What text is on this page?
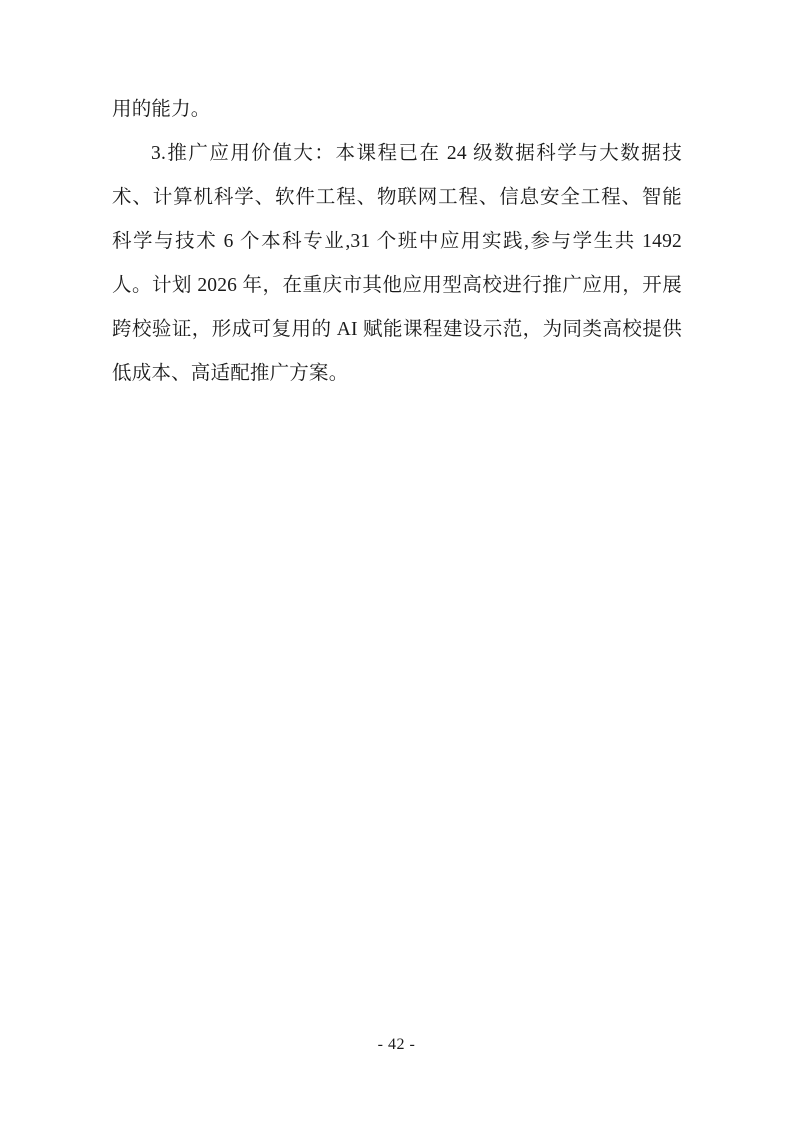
用的能力。

3.推广应用价值大：本课程已在 24 级数据科学与大数据技术、计算机科学、软件工程、物联网工程、信息安全工程、智能科学与技术 6 个本科专业,31 个班中应用实践,参与学生共 1492 人。计划 2026 年，在重庆市其他应用型高校进行推广应用，开展跨校验证，形成可复用的 AI 赋能课程建设示范，为同类高校提供低成本、高适配推广方案。

- 42 -
